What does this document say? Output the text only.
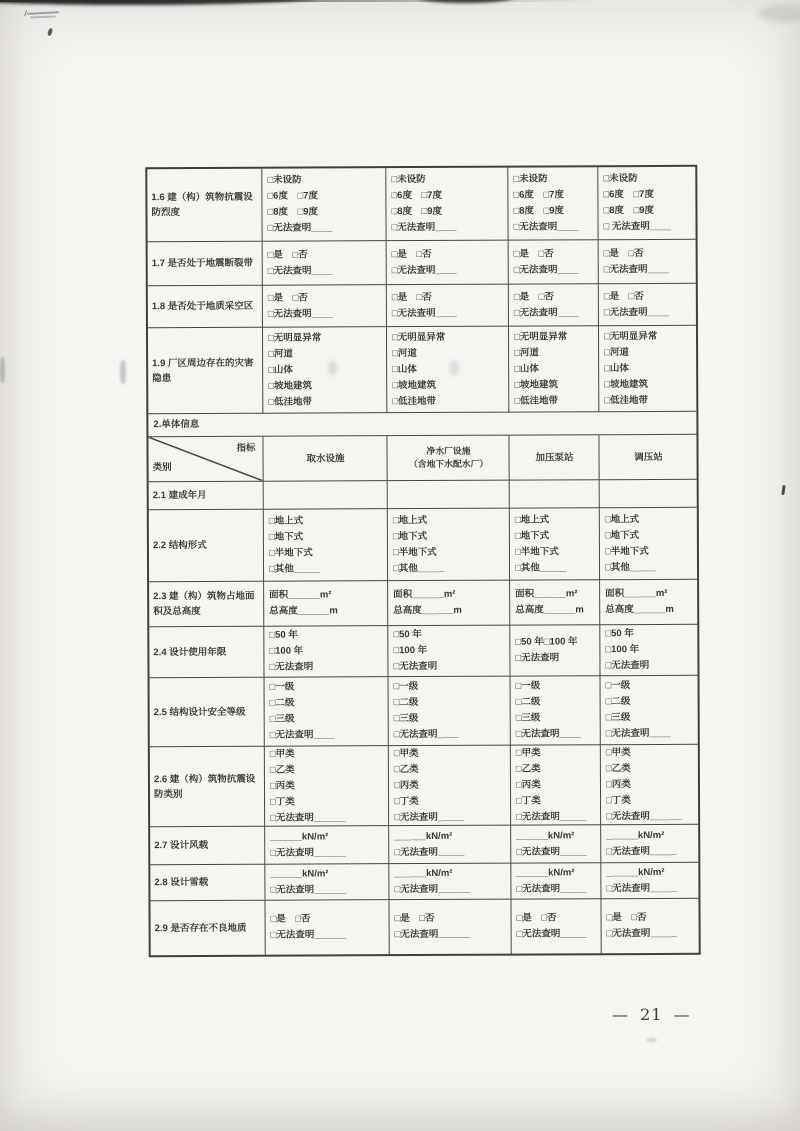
1.6 建（构）筑物抗震设防烈度
□未设防
□6度　□7度
□8度　□9度
□无法查明____
□未设防
□6度　□7度
□8度　□9度
□无法查明____
□未设防
□6度　□7度
□8度　□9度
□无法查明____
□未设防
□6度　□7度
□8度　□9度
□ 无法查明____
1.7 是否处于地震断裂带
□是　□否
□无法查明____
□是　□否
□无法查明____
□是　□否
□无法查明____
□是　□否
□无法查明____
1.8 是否处于地质采空区
□是　□否
□无法查明____
□是　□否
□无法查明____
□是　□否
□无法查明____
□是　□否
□无法查明____
1.9 厂区周边存在的灾害隐患
□无明显异常
□河道
□山体
□坡地建筑
□低洼地带
□无明显异常
□河道
□山体
□坡地建筑
□低洼地带
□无明显异常
□河道
□山体
□坡地建筑
□低洼地带
□无明显异常
□河道
□山体
□坡地建筑
□低洼地带
2.单体信息
指标
类别
取水设施
净水厂设施
（含地下水配水厂）
加压泵站	调压站
2.1 建成年月
2.2 结构形式
□地上式
□地下式
□半地下式
□其他_____
□地上式
□地下式
□半地下式
□其他_____
□地上式
□地下式
□半地下式
□其他_____
□地上式
□地下式
□半地下式
□其他_____
2.3 建（构）筑物占地面积及总高度
面积______m²
总高度______m
面积______m²
总高度______m
面积______m²
总高度______m
面积______m²
总高度______m
2.4 设计使用年限
□50 年
□100 年
□无法查明
□50 年
□100 年
□无法查明
□50 年□100 年
□无法查明
□50 年
□100 年
□无法查明
2.5 结构设计安全等级
□一级
□二级
□三级
□无法查明____
□一级
□二级
□三级
□无法查明____
□一级
□二级
□三级
□无法查明____
□一级
□二级
□三级
□无法查明____
2.6 建（构）筑物抗震设防类别
□甲类
□乙类
□丙类
□丁类
□无法查明______
□甲类
□乙类
□丙类
□丁类
□无法查明_____
□甲类
□乙类
□丙类
□丁类
□无法查明_____
□甲类
□乙类
□丙类
□丁类
□无法查明______
2.7 设计风载
______kN/m²
□无法查明______
______kN/m²
□无法查明_____
______kN/m²
□无法查明_____
______kN/m²
□无法查明_____
2.8 设计雪载
______kN/m²
□无法查明______
______kN/m²
□无法查明______
______kN/m²
□无法查明_____
______kN/m²
□无法查明_____
2.9 是否存在不良地质
□是　□否
□无法查明______
□是　□否
□无法查明______
□是　□否
□无法查明_____
□是　□否
□无法查明_____
— 21 —
